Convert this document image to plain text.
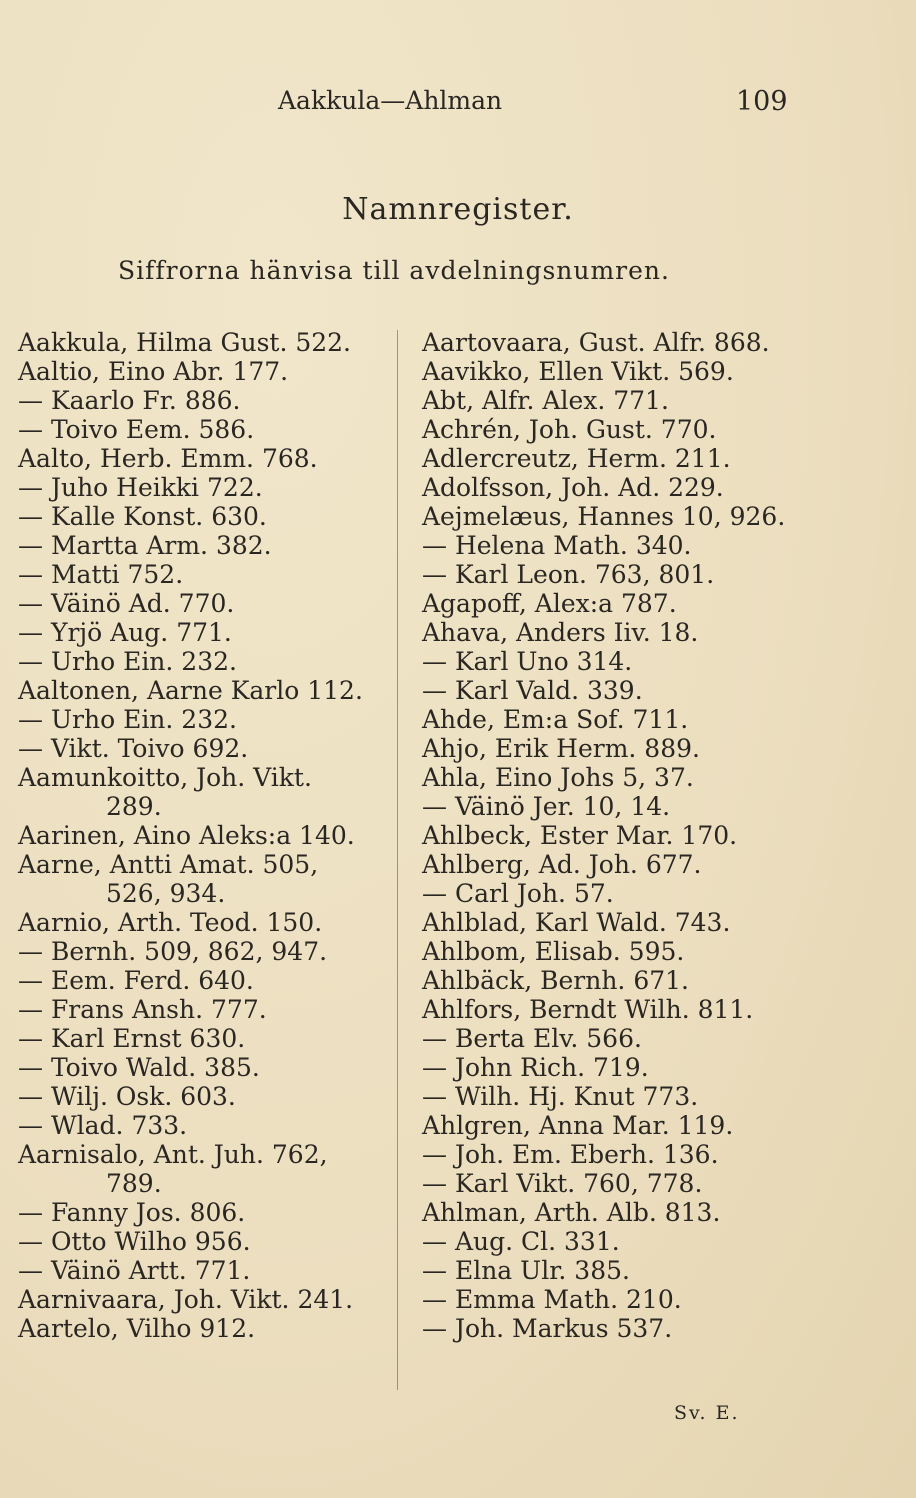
Aakkula—Ahlman	109
Namnregister.
Siffrorna hänvisa till avdelningsnumren.
Aakkula, Hilma Gust. 522.
Aaltio, Eino Abr. 177.
— Kaarlo Fr. 886.
— Toivo Eem. 586.
Aalto, Herb. Emm. 768.
— Juho Heikki 722.
— Kalle Konst. 630.
— Martta Arm. 382.
— Matti 752.
— Väinö Ad. 770.
— Yrjö Aug. 771.
— Urho Ein. 232.
Aaltonen, Aarne Karlo 112.
— Urho Ein. 232.
— Vikt. Toivo 692.
Aamunkoitto, Joh. Vikt.
289.
Aarinen, Aino Aleks:a 140.
Aarne, Antti Amat. 505,
526, 934.
Aarnio, Arth. Teod. 150.
— Bernh. 509, 862, 947.
— Eem. Ferd. 640.
— Frans Ansh. 777.
— Karl Ernst 630.
— Toivo Wald. 385.
— Wilj. Osk. 603.
— Wlad. 733.
Aarnisalo, Ant. Juh. 762,
789.
— Fanny Jos. 806.
— Otto Wilho 956.
— Väinö Artt. 771.
Aarnivaara, Joh. Vikt. 241.
Aartelo, Vilho 912.
Aartovaara, Gust. Alfr. 868.
Aavikko, Ellen Vikt. 569.
Abt, Alfr. Alex. 771.
Achrén, Joh. Gust. 770.
Adlercreutz, Herm. 211.
Adolfsson, Joh. Ad. 229.
Aejmelæus, Hannes 10, 926.
— Helena Math. 340.
— Karl Leon. 763, 801.
Agapoff, Alex:a 787.
Ahava, Anders Iiv. 18.
— Karl Uno 314.
— Karl Vald. 339.
Ahde, Em:a Sof. 711.
Ahjo, Erik Herm. 889.
Ahla, Eino Johs 5, 37.
— Väinö Jer. 10, 14.
Ahlbeck, Ester Mar. 170.
Ahlberg, Ad. Joh. 677.
— Carl Joh. 57.
Ahlblad, Karl Wald. 743.
Ahlbom, Elisab. 595.
Ahlbäck, Bernh. 671.
Ahlfors, Berndt Wilh. 811.
— Berta Elv. 566.
— John Rich. 719.
— Wilh. Hj. Knut 773.
Ahlgren, Anna Mar. 119.
— Joh. Em. Eberh. 136.
— Karl Vikt. 760, 778.
Ahlman, Arth. Alb. 813.
— Aug. Cl. 331.
— Elna Ulr. 385.
— Emma Math. 210.
— Joh. Markus 537.
Sv. E.
